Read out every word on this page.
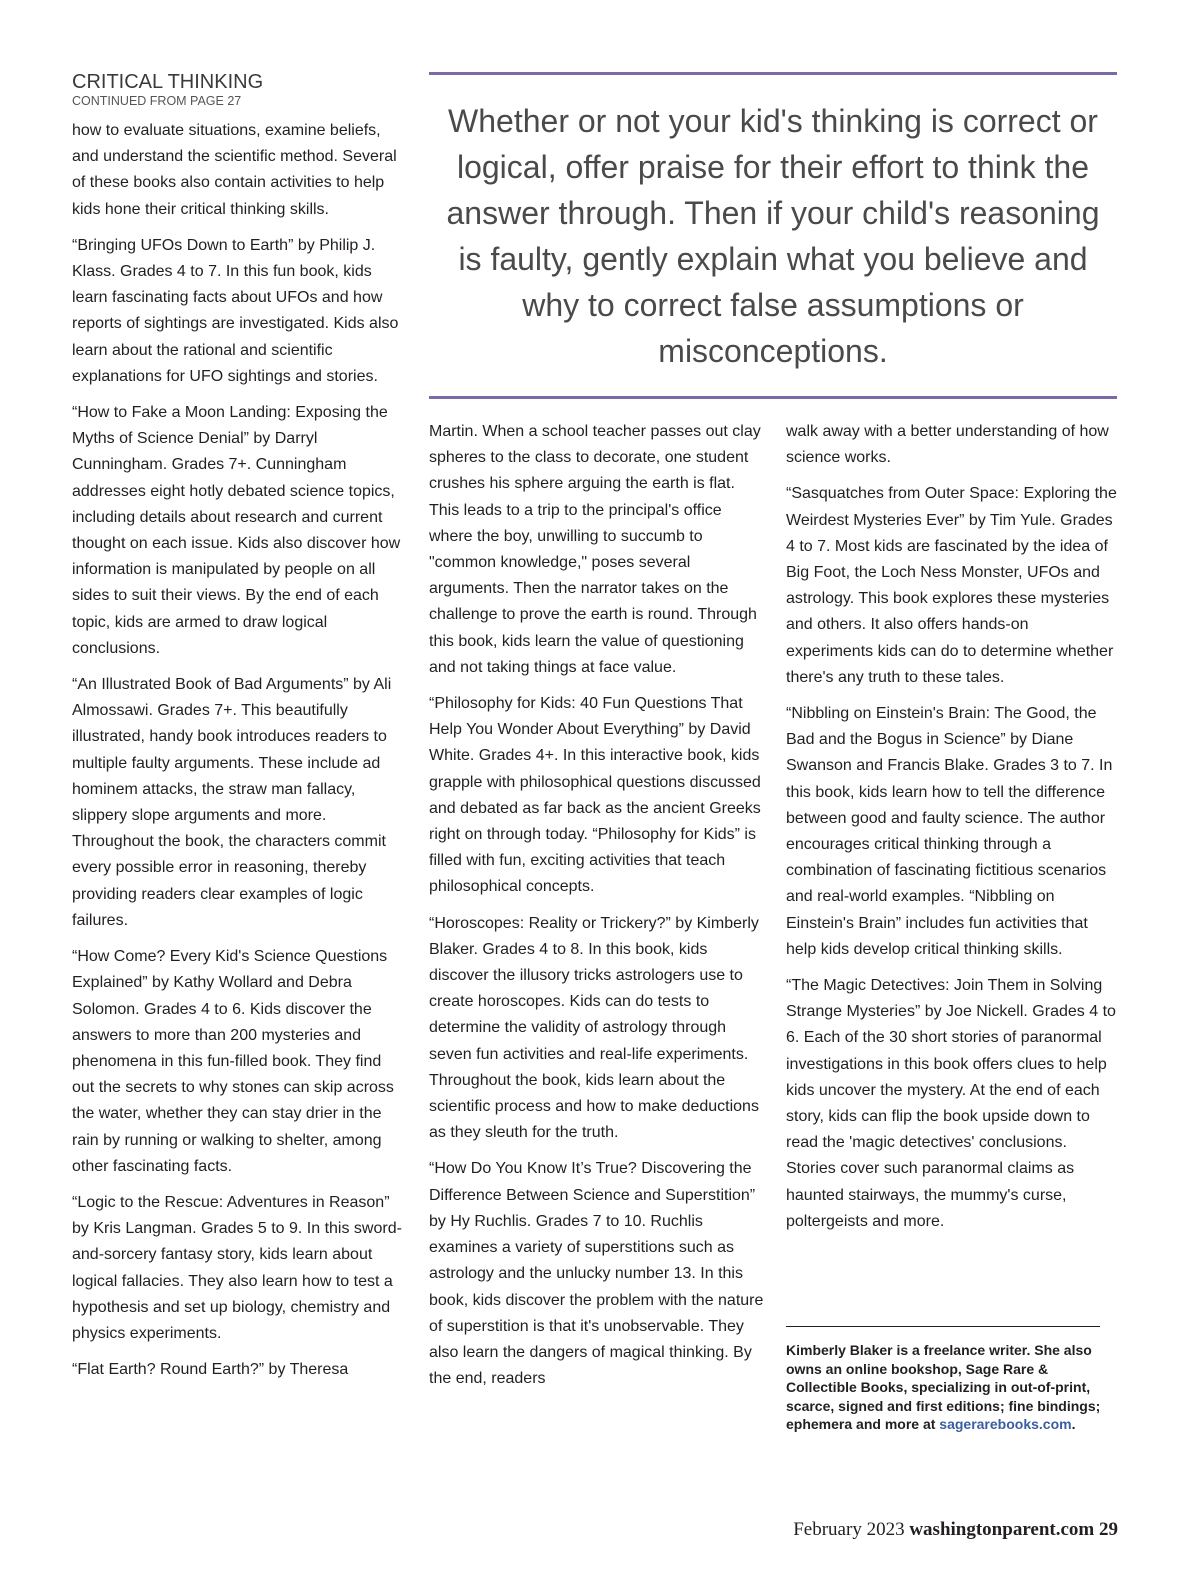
CRITICAL THINKING
CONTINUED FROM PAGE 27

Whether or not your kid's thinking is correct or logical, offer praise for their effort to think the answer through. Then if your child's reasoning is faulty, gently explain what you believe and why to correct false assumptions or misconceptions.

how to evaluate situations, examine beliefs, and understand the scientific method. Several of these books also contain activities to help kids hone their critical thinking skills.

“Bringing UFOs Down to Earth” by Philip J. Klass. Grades 4 to 7. In this fun book, kids learn fascinating facts about UFOs and how reports of sightings are investigated. Kids also learn about the rational and scientific explanations for UFO sightings and stories.

“How to Fake a Moon Landing: Exposing the Myths of Science Denial” by Darryl Cunningham. Grades 7+. Cunningham addresses eight hotly debated science topics, including details about research and current thought on each issue. Kids also discover how information is manipulated by people on all sides to suit their views. By the end of each topic, kids are armed to draw logical conclusions.

“An Illustrated Book of Bad Arguments” by Ali Almossawi. Grades 7+. This beautifully illustrated, handy book introduces readers to multiple faulty arguments. These include ad hominem attacks, the straw man fallacy, slippery slope arguments and more. Throughout the book, the characters commit every possible error in reasoning, thereby providing readers clear examples of logic failures.

“How Come? Every Kid's Science Questions Explained” by Kathy Wollard and Debra Solomon. Grades 4 to 6. Kids discover the answers to more than 200 mysteries and phenomena in this fun-filled book. They find out the secrets to why stones can skip across the water, whether they can stay drier in the rain by running or walking to shelter, among other fascinating facts.

“Logic to the Rescue: Adventures in Reason” by Kris Langman. Grades 5 to 9. In this sword-and-sorcery fantasy story, kids learn about logical fallacies. They also learn how to test a hypothesis and set up biology, chemistry and physics experiments.

“Flat Earth? Round Earth?” by Theresa

Martin. When a school teacher passes out clay spheres to the class to decorate, one student crushes his sphere arguing the earth is flat. This leads to a trip to the principal's office where the boy, unwilling to succumb to "common knowledge," poses several arguments. Then the narrator takes on the challenge to prove the earth is round. Through this book, kids learn the value of questioning and not taking things at face value.

“Philosophy for Kids: 40 Fun Questions That Help You Wonder About Everything” by David White. Grades 4+. In this interactive book, kids grapple with philosophical questions discussed and debated as far back as the ancient Greeks right on through today. “Philosophy for Kids” is filled with fun, exciting activities that teach philosophical concepts.

“Horoscopes: Reality or Trickery?” by Kimberly Blaker. Grades 4 to 8. In this book, kids discover the illusory tricks astrologers use to create horoscopes. Kids can do tests to determine the validity of astrology through seven fun activities and real-life experiments. Throughout the book, kids learn about the scientific process and how to make deductions as they sleuth for the truth.

“How Do You Know It’s True? Discovering the Difference Between Science and Superstition” by Hy Ruchlis. Grades 7 to 10. Ruchlis examines a variety of superstitions such as astrology and the unlucky number 13. In this book, kids discover the problem with the nature of superstition is that it's unobservable. They also learn the dangers of magical thinking. By the end, readers

walk away with a better understanding of how science works.

“Sasquatches from Outer Space: Exploring the Weirdest Mysteries Ever” by Tim Yule. Grades 4 to 7. Most kids are fascinated by the idea of Big Foot, the Loch Ness Monster, UFOs and astrology. This book explores these mysteries and others. It also offers hands-on experiments kids can do to determine whether there's any truth to these tales.

“Nibbling on Einstein's Brain: The Good, the Bad and the Bogus in Science” by Diane Swanson and Francis Blake. Grades 3 to 7. In this book, kids learn how to tell the difference between good and faulty science. The author encourages critical thinking through a combination of fascinating fictitious scenarios and real-world examples. “Nibbling on Einstein's Brain” includes fun activities that help kids develop critical thinking skills.

“The Magic Detectives: Join Them in Solving Strange Mysteries” by Joe Nickell. Grades 4 to 6. Each of the 30 short stories of paranormal investigations in this book offers clues to help kids uncover the mystery. At the end of each story, kids can flip the book upside down to read the 'magic detectives' conclusions. Stories cover such paranormal claims as haunted stairways, the mummy's curse, poltergeists and more.

Kimberly Blaker is a freelance writer. She also owns an online bookshop, Sage Rare & Collectible Books, specializing in out-of-print, scarce, signed and first editions; fine bindings; ephemera and more at sagerarebooks.com.
February 2023 washingtonparent.com 29
